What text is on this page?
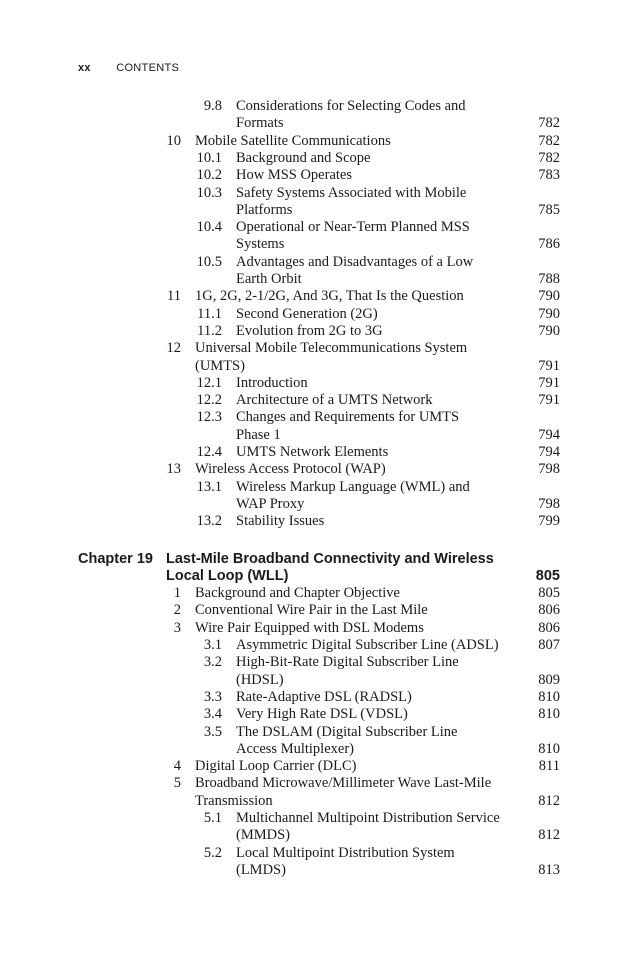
xx CONTENTS
9.8 Considerations for Selecting Codes and
Formats	782
10 Mobile Satellite Communications	782
10.1 Background and Scope	782
10.2 How MSS Operates	783
10.3 Safety Systems Associated with Mobile
Platforms	785
10.4 Operational or Near-Term Planned MSS
Systems	786
10.5 Advantages and Disadvantages of a Low
Earth Orbit	788
11 1G, 2G, 2-1/2G, And 3G, That Is the Question	790
11.1 Second Generation (2G)	790
11.2 Evolution from 2G to 3G	790
12 Universal Mobile Telecommunications System
(UMTS)	791
12.1 Introduction	791
12.2 Architecture of a UMTS Network	791
12.3 Changes and Requirements for UMTS
Phase 1	794
12.4 UMTS Network Elements	794
13 Wireless Access Protocol (WAP)	798
13.1 Wireless Markup Language (WML) and
WAP Proxy	798
13.2 Stability Issues	799
Chapter 19 Last-Mile Broadband Connectivity and Wireless
Local Loop (WLL)	805
1 Background and Chapter Objective	805
2 Conventional Wire Pair in the Last Mile	806
3 Wire Pair Equipped with DSL Modems	806
3.1 Asymmetric Digital Subscriber Line (ADSL)	807
3.2 High-Bit-Rate Digital Subscriber Line
(HDSL)	809
3.3 Rate-Adaptive DSL (RADSL)	810
3.4 Very High Rate DSL (VDSL)	810
3.5 The DSLAM (Digital Subscriber Line
Access Multiplexer)	810
4 Digital Loop Carrier (DLC)	811
5 Broadband Microwave/Millimeter Wave Last-Mile
Transmission	812
5.1 Multichannel Multipoint Distribution Service
(MMDS)	812
5.2 Local Multipoint Distribution System
(LMDS)	813
